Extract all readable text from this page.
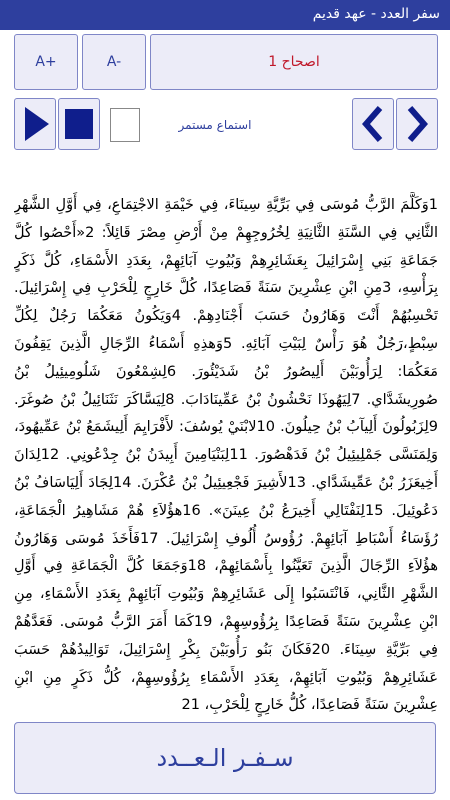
سفر العدد - عهد قديم
A+	A-	اصحاح 1
استماع مستمر
1وَكَلَّمَ الرَّبُّ مُوسَى فِي بَرِّيَّةِ سِينَاءَ، فِي خَيْمَةِ الاجْتِمَاعِ، فِي أَوَّلِ الشَّهْرِ الثَّانِي فِي السَّنَةِ الثَّانِيَةِ لِخُرُوجِهِمْ مِنْ أَرْضِ مِصْرَ قَائِلاً: 2«أَحْصُوا كُلَّ جَمَاعَةِ بَنِي إِسْرَائِيلَ بِعَشَائِرِهِمْ وَبُيُوتِ آبَائِهِمْ، بِعَدَدِ الأَسْمَاءِ، كُلَّ ذَكَرٍ بِرَأْسِهِ، 3مِنِ ابْنِ عِشْرِينَ سَنَةً فَصَاعِدًا، كُلَّ خَارِجٍ لِلْحَرْبِ فِي إِسْرَائِيلَ. تَحْسِبُهُمْ أَنْتَ وَهَارُونُ حَسَبَ أَجْنَادِهِمْ. 4وَيَكُونُ مَعَكُمَا رَجُلٌ لِكُلِّ سِبْطٍ،رَجُلٌ هُوَ رَأْسٌ لِبَيْتِ آبَائِهِ. 5وَهذِهِ أَسْمَاءُ الرِّجَالِ الَّذِينَ يَقِفُونَ مَعَكُمَا: لِرَأُوبَيْنَ أَلِيصُورُ بْنُ شَدَيْئُورَ. 6لِشِمْعُونَ شَلُومِيئِيلُ بْنُ صُورِيشَدَّاي. 7لِيَهُوذَا نَحْشُونُ بْنُ عَمِّينَادَابَ. 8لِيَسَّاكَرَ نَثَنَائِيلُ بْنُ صُوغَرَ. 9لِزَبُولُونَ أَلِيآبُ بْنُ حِيلُونَ. 10لابْنَيْ يُوسُفَ: لأَفْرَايِمَ أَلِيشَمَعُ بْنُ عَمِّيهُودَ، وَلِمَنَسَّى جَمْلِيئِيلُ بْنُ فَدَهْصُورَ. 11لِبَنْيَامِينَ أَبِيدَنُ بْنُ جِدْعُونِي. 12لِدَانَ أَخِيعَزَرُ بْنُ عَمِّيشَدَّاي. 13لأَشِيرَ فَجْعِيئِيلُ بْنُ عُكْرَنَ. 14لِجَادَ أَلِيَاسَافُ بْنُ دَعُوئِيلَ. 15لِنَفْتَالِي أَخِيرَعُ بْنُ عِينَنَ». 16هؤُلاَءِ هُمْ مَشَاهِيرُ الْجَمَاعَةِ، رُؤَسَاءُ أَسْبَاطِ آبَائِهِمْ. رُؤُوسُ أُلُوفِ إِسْرَائِيلَ. 17فَأَخَذَ مُوسَى وَهَارُونُ هؤُلاَءِ الرِّجَالَ الَّذِينَ تَعَيَّنُوا بِأَسْمَائِهِمْ، 18وَجَمَعَا كُلَّ الْجَمَاعَةِ فِي أَوَّلِ الشَّهْرِ الثَّانِي، فَانْتَسَبُوا إِلَى عَشَائِرِهِمْ وَبُيُوتِ آبَائِهِمْ بِعَدَدِ الأَسْمَاءِ، مِنِ ابْنِ عِشْرِينَ سَنَةً فَصَاعِدًا بِرُؤُوسِهِمْ، 19كَمَا أَمَرَ الرَّبُّ مُوسَى. فَعَدَّهُمْ فِي بَرِّيَّةِ سِينَاءَ. 20فَكَانَ بَنُو رَأُوبَيْنَ بِكْرِ إِسْرَائِيلَ، تَوَالِيدُهُمْ حَسَبَ عَشَائِرِهِمْ وَبُيُوتِ آبَائِهِمْ، بِعَدَدِ الأَسْمَاءِ بِرُؤُوسِهِمْ، كُلُّ ذَكَرٍ مِنِ ابْنِ عِشْرِينَ سَنَةً فَصَاعِدًا، كُلُّ خَارِجٍ لِلْحَرْبِ، 21
سـفـر الـعــدد
